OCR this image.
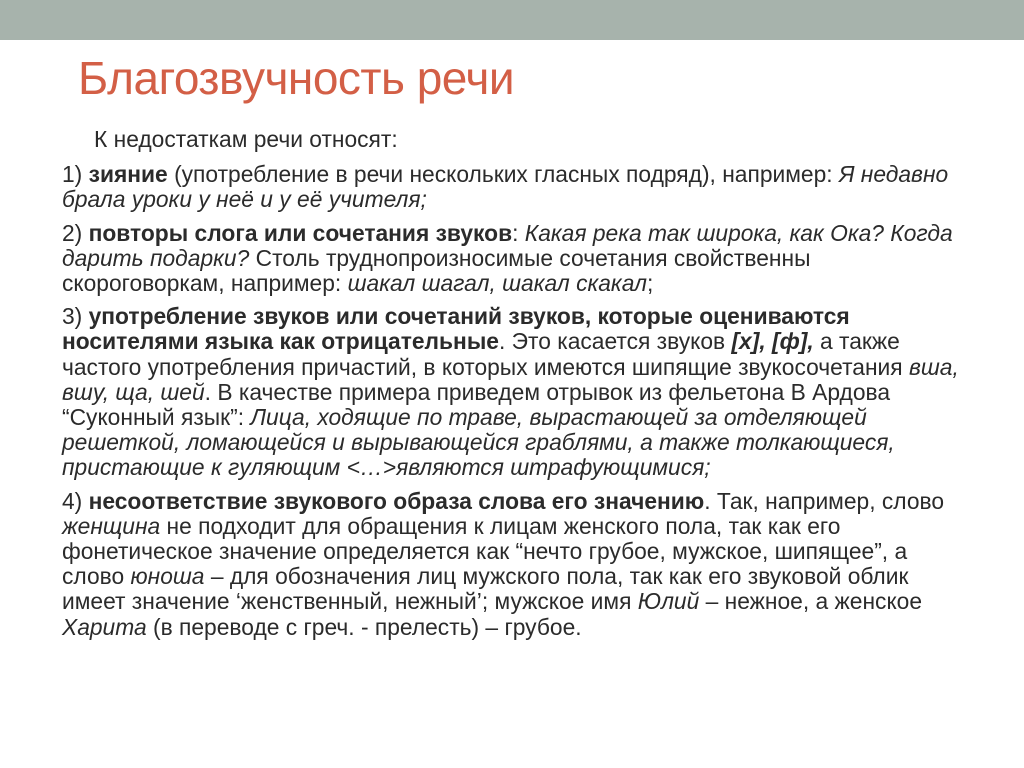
Благозвучность речи

К недостаткам речи относят:

1) зияние (употребление в речи нескольких гласных подряд), например: Я недавно брала уроки у неё и у её учителя;

2) повторы слога или сочетания звуков: Какая река так широка, как Ока? Когда дарить подарки? Столь труднопроизносимые сочетания свойственны скороговоркам, например: шакал шагал, шакал скакал;

3) употребление звуков или сочетаний звуков, которые оцениваются носителями языка как отрицательные. Это касается звуков [х], [ф], а также частого употребления причастий, в которых имеются шипящие звукосочетания вша, вшу, ща, шей. В качестве примера приведем отрывок из фельетона В Ардова “Суконный язык”: Лица, ходящие по траве, вырастающей за отделяющей решеткой, ломающейся и вырывающейся граблями, а также толкающиеся, пристающие к гуляющим <…>являются штрафующимися;

4) несоответствие звукового образа слова его значению. Так, например, слово женщина не подходит для обращения к лицам женского пола, так как его фонетическое значение определяется как “нечто грубое, мужское, шипящее”, а слово юноша – для обозначения лиц мужского пола, так как его звуковой облик имеет значение ‘женственный, нежный’; мужское имя Юлий – нежное, а женское Харита (в переводе с греч. - прелесть) – грубое.
